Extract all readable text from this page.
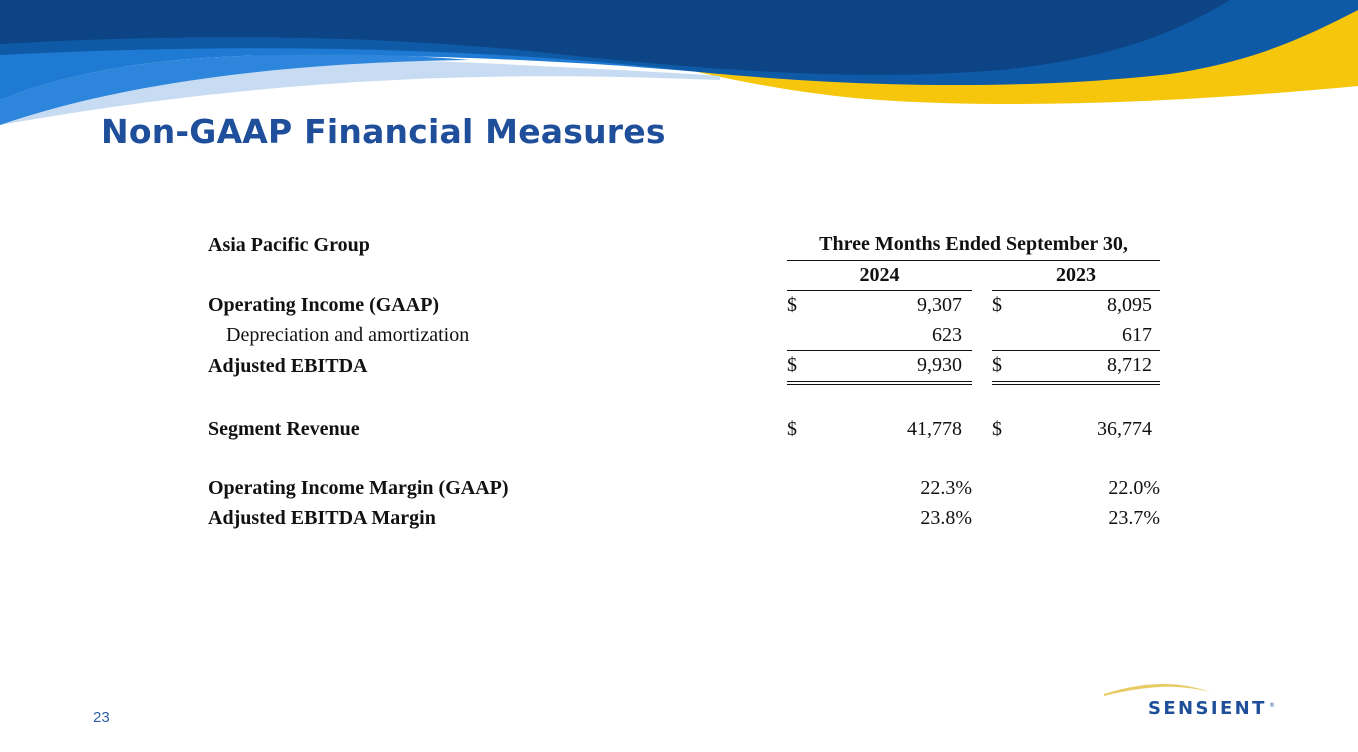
Non-GAAP Financial Measures
Asia Pacific Group	Three Months Ended September 30,						
	2024				2023		
Operating Income (GAAP)	$	9,307			$	8,095	
Depreciation and amortization		623				617	
Adjusted EBITDA	$	9,930			$	8,712	

Segment Revenue	$	41,778			$	36,774	

Operating Income Margin (GAAP)		22.3%				22.0%	
Adjusted EBITDA Margin		23.8%				23.7%	
23	SENSIENT ®
